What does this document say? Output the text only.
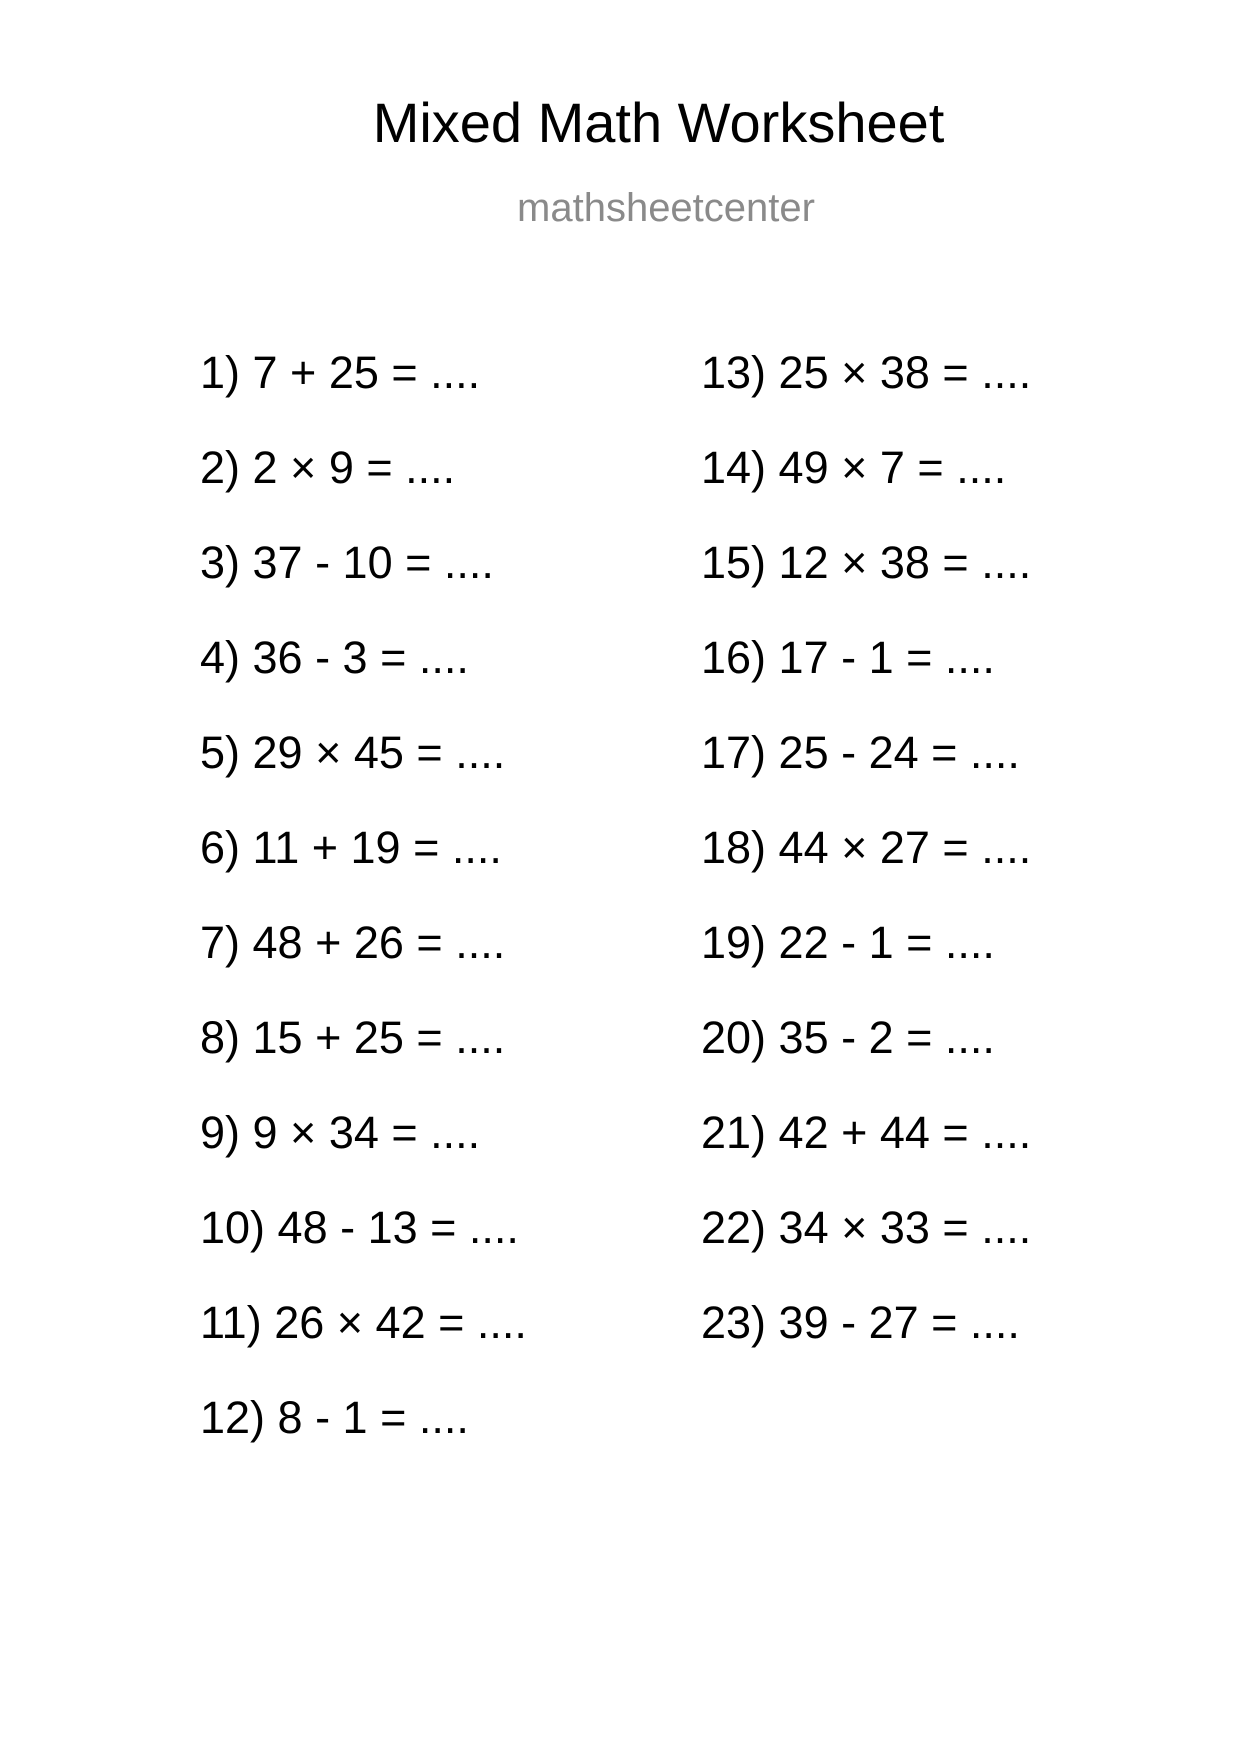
Mixed Math Worksheet
mathsheetcenter
1) 7 + 25 = ....
2) 2 × 9 = ....
3) 37 - 10 = ....
4) 36 - 3 = ....
5) 29 × 45 = ....
6) 11 + 19 = ....
7) 48 + 26 = ....
8) 15 + 25 = ....
9) 9 × 34 = ....
10) 48 - 13 = ....
11) 26 × 42 = ....
12) 8 - 1 = ....
13) 25 × 38 = ....
14) 49 × 7 = ....
15) 12 × 38 = ....
16) 17 - 1 = ....
17) 25 - 24 = ....
18) 44 × 27 = ....
19) 22 - 1 = ....
20) 35 - 2 = ....
21) 42 + 44 = ....
22) 34 × 33 = ....
23) 39 - 27 = ....
